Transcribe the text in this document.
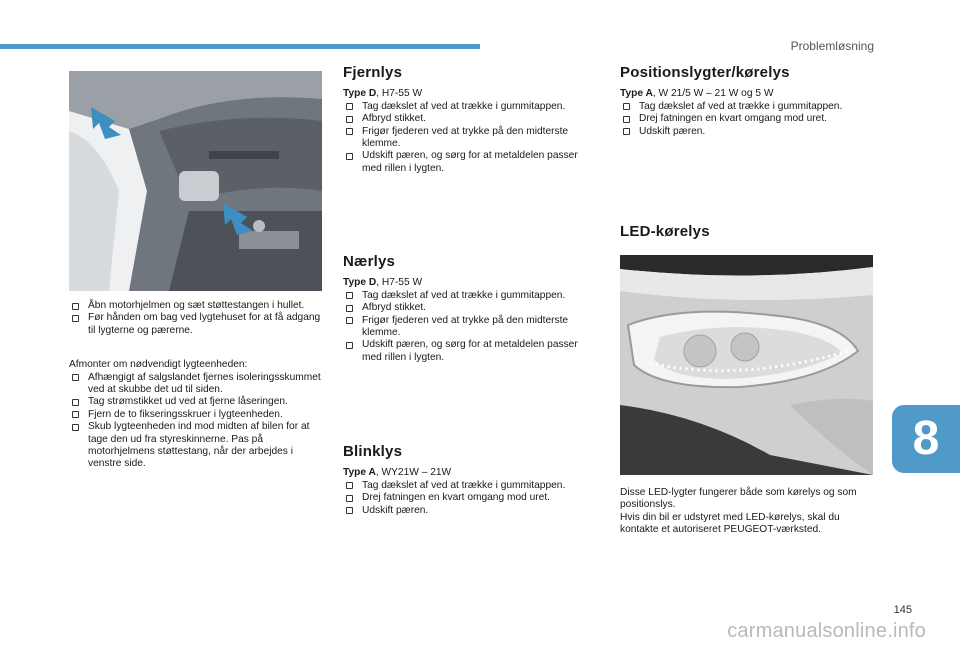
Problemløsning
Åbn motorhjelmen og sæt støttestangen i hullet.
Før hånden om bag ved lygtehuset for at få adgang til lygterne og pærerne.

Afmonter om nødvendigt lygteenheden:

Afhængigt af salgslandet fjernes isoleringsskummet ved at skubbe det ud til siden.
Tag strømstikket ud ved at fjerne låseringen.
Fjern de to fikseringsskruer i lygteenheden.
Skub lygteenheden ind mod midten af bilen for at tage den ud fra styreskinnerne. Pas på motorhjelmens støttestang, når der arbejdes i venstre side.
Fjernlys

Type D, H7-55 W

Tag dækslet af ved at trække i gummitappen.
Afbryd stikket.
Frigør fjederen ved at trykke på den midterste klemme.
Udskift pæren, og sørg for at metaldelen passer med rillen i lygten.
Nærlys

Type D, H7-55 W

Tag dækslet af ved at trække i gummitappen.
Afbryd stikket.
Frigør fjederen ved at trykke på den midterste klemme.
Udskift pæren, og sørg for at metaldelen passer med rillen i lygten.
Blinklys

Type A, WY21W – 21W

Tag dækslet af ved at trække i gummitappen.
Drej fatningen en kvart omgang mod uret.
Udskift pæren.
Positionslygter/kørelys

Type A, W 21/5 W – 21 W og 5 W

Tag dækslet af ved at trække i gummitappen.
Drej fatningen en kvart omgang mod uret.
Udskift pæren.
LED-kørelys

Disse LED-lygter fungerer både som kørelys og som positionslys.

Hvis din bil er udstyret med LED-kørelys, skal du kontakte et autoriseret PEUGEOT-værksted.

8
145
carmanualsonline.info
